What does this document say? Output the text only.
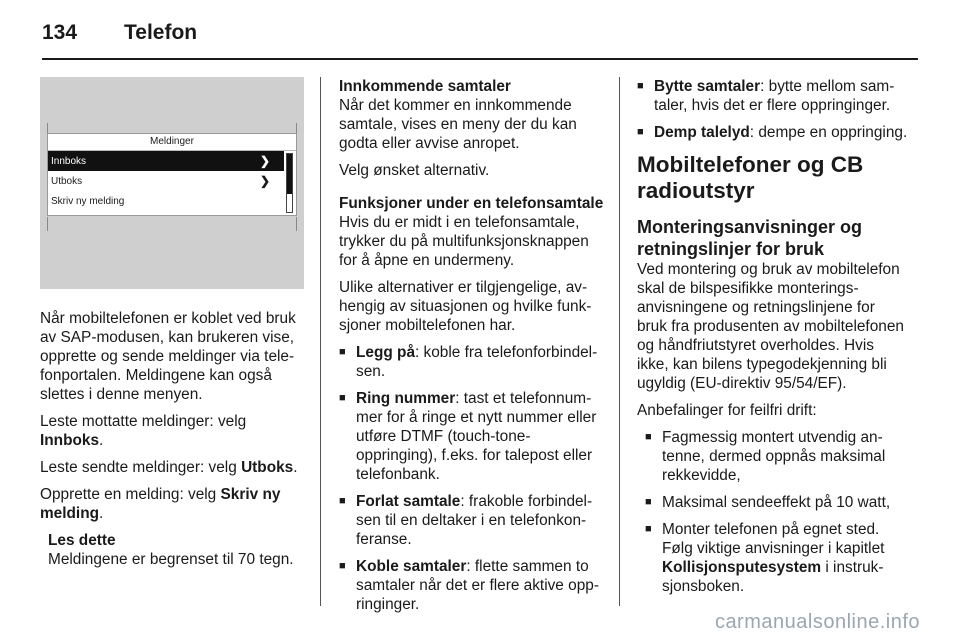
134	Telefon
Meldinger
Innboks	❯
Utboks	❯
Skriv ny melding

Når mobiltelefonen er koblet ved bruk av SAP-modusen, kan brukeren vise, opprette og sende meldinger via telefonportalen. Meldingene kan også slettes i denne menyen.

Leste mottatte meldinger: velg Innboks.

Leste sendte meldinger: velg Utboks.

Opprette en melding: velg Skriv ny melding.

Les dette
Meldingene er begrenset til 70 tegn.
Innkommende samtaler

Når det kommer en innkommende samtale, vises en meny der du kan godta eller avvise anropet.

Velg ønsket alternativ.

Funksjoner under en telefonsamtale

Hvis du er midt i en telefonsamtale, trykker du på multifunksjonsknappen for å åpne en undermeny.

Ulike alternativer er tilgjengelige, avhengig av situasjonen og hvilke funksjoner mobiltelefonen har.

■ Legg på: koble fra telefonforbindelsen.
■ Ring nummer: tast et telefonnummer for å ringe et nytt nummer eller utføre DTMF (touch-tone-oppringing), f.eks. for talepost eller telefonbank.
■ Forlat samtale: frakoble forbindelsen til en deltaker i en telefonkonferanse.
■ Koble samtaler: flette sammen to samtaler når det er flere aktive oppringinger.
■ Bytte samtaler: bytte mellom samtaler, hvis det er flere oppringinger.
■ Demp talelyd: dempe en oppringing.
Mobiltelefoner og CB radioutstyr
Monteringsanvisninger og retningslinjer for bruk

Ved montering og bruk av mobiltelefon skal de bilspesifikke monteringsanvisningene og retningslinjene for bruk fra produsenten av mobiltelefonen og håndfriutstyret overholdes. Hvis ikke, kan bilens typegodekjenning bli ugyldig (EU-direktiv 95/54/EF).

Anbefalinger for feilfri drift:

■ Fagmessig montert utvendig antenne, dermed oppnås maksimal rekkevidde,
■ Maksimal sendeeffekt på 10 watt,
■ Monter telefonen på egnet sted. Følg viktige anvisninger i kapitlet Kollisjonsputesystem i instruksjonsboken.
carmanualsonline.info
